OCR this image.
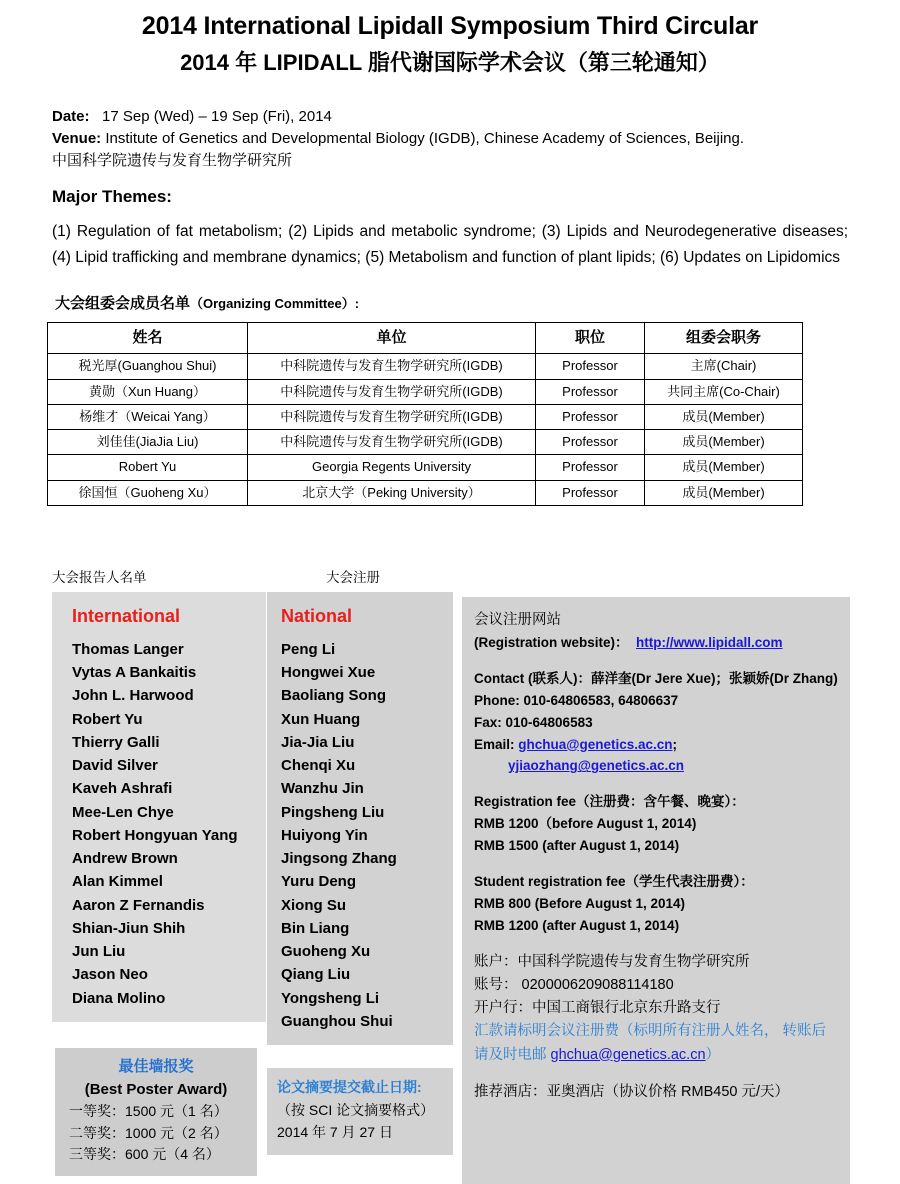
2014 International Lipidall Symposium Third Circular
2014 年 LIPIDALL 脂代谢国际学术会议（第三轮通知）
Date: 17 Sep (Wed) – 19 Sep (Fri), 2014
Venue: Institute of Genetics and Developmental Biology (IGDB), Chinese Academy of Sciences, Beijing.
中国科学院遗传与发育生物学研究所
Major Themes:
(1) Regulation of fat metabolism; (2) Lipids and metabolic syndrome; (3) Lipids and Neurodegenerative diseases; (4) Lipid trafficking and membrane dynamics; (5) Metabolism and function of plant lipids; (6) Updates on Lipidomics
大会组委会成员名单（Organizing Committee）:
姓名	单位	职位	组委会职务
税光厚(Guanghou Shui)	中科院遗传与发育生物学研究所(IGDB)	Professor	主席(Chair)
黄勋（Xun Huang）	中科院遗传与发育生物学研究所(IGDB)	Professor	共同主席(Co-Chair)
杨维才（Weicai Yang）	中科院遗传与发育生物学研究所(IGDB)	Professor	成员(Member)
刘佳佳(JiaJia Liu)	中科院遗传与发育生物学研究所(IGDB)	Professor	成员(Member)
Robert Yu	Georgia Regents University	Professor	成员(Member)
徐国恒（Guoheng Xu）	北京大学（Peking University）	Professor	成员(Member)
大会报告人名单
International
Thomas Langer
Vytas A Bankaitis
John L. Harwood
Robert Yu
Thierry Galli
David Silver
Kaveh Ashrafi
Mee-Len Chye
Robert Hongyuan Yang
Andrew Brown
Alan Kimmel
Aaron Z Fernandis
Shian-Jiun Shih
Jun Liu
Jason Neo
Diana Molino
最佳墙报奖
(Best Poster Award)
一等奖：1500 元（1 名）
二等奖：1000 元（2 名）
三等奖：600 元（4 名）
大会注册
National
Peng Li
Hongwei Xue
Baoliang Song
Xun Huang
Jia-Jia Liu
Chenqi Xu
Wanzhu Jin
Pingsheng Liu
Huiyong Yin
Jingsong Zhang
Yuru Deng
Xiong Su
Bin Liang
Guoheng Xu
Qiang Liu
Yongsheng Li
Guanghou Shui
论文摘要提交截止日期:
（按 SCI 论文摘要格式）
2014 年 7 月 27 日
会议注册网站
(Registration website)： http://www.lipidall.com
Contact (联系人)：薛洋奎(Dr Jere Xue)；张颖娇(Dr Zhang)
Phone: 010-64806583, 64806637
Fax: 010-64806583
Email: ghchua@genetics.ac.cn;
yjiaozhang@genetics.ac.cn
Registration fee（注册费：含午餐、晚宴）：
RMB 1200（before August 1, 2014)
RMB 1500 (after August 1, 2014)
Student registration fee（学生代表注册费）：
RMB 800 (Before August 1, 2014)
RMB 1200 (after August 1, 2014)
账户：中国科学院遗传与发育生物学研究所
账号： 0200006209088114180
开户行：中国工商银行北京东升路支行
汇款请标明会议注册费（标明所有注册人姓名， 转账后请及时电邮 ghchua@genetics.ac.cn）
推荐酒店：亚奥酒店（协议价格 RMB450 元/天）
